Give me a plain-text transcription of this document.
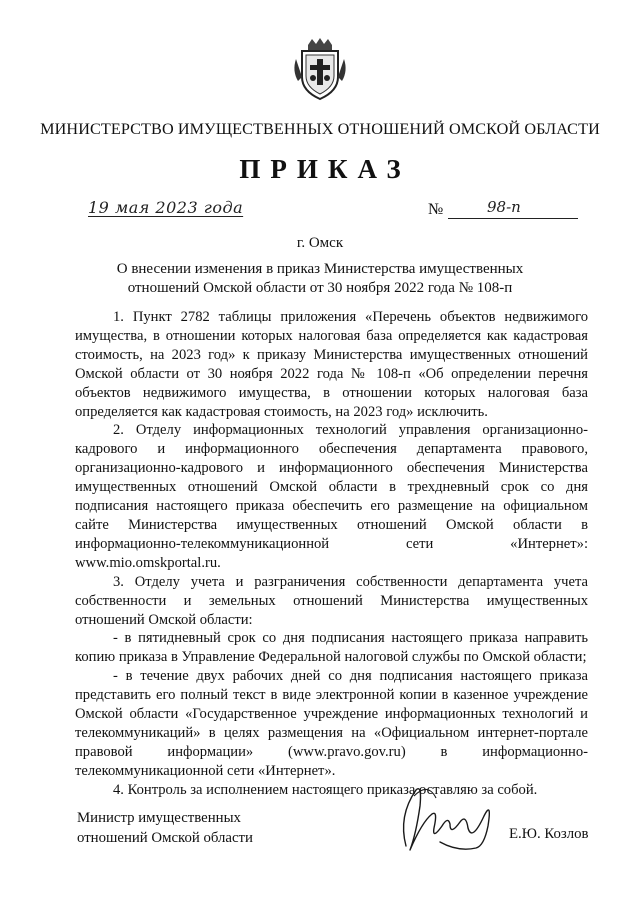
МИНИСТЕРСТВО ИМУЩЕСТВЕННЫХ ОТНОШЕНИЙ ОМСКОЙ ОБЛАСТИ
ПРИКАЗ
19 мая 2023 года	№	98-п
г. Омск
О внесении изменения в приказ Министерства имущественных
отношений Омской области от 30 ноября 2022 года № 108-п

1. Пункт 2782 таблицы приложения «Перечень объектов недвижимого имущества, в отношении которых налоговая база определяется как кадастровая стоимость, на 2023 год» к приказу Министерства имущественных отношений Омской области от 30 ноября 2022 года № 108-п «Об определении перечня объектов недвижимого имущества, в отношении которых налоговая база определяется как кадастровая стоимость, на 2023 год» исключить.

2. Отделу информационных технологий управления организационно-кадрового и информационного обеспечения департамента правового, организационно-кадрового и информационного обеспечения Министерства имущественных отношений Омской области в трехдневный срок со дня подписания настоящего приказа обеспечить его размещение на официальном сайте Министерства имущественных отношений Омской области в информационно-телекоммуникационной сети «Интернет»: www.mio.omskportal.ru.

3. Отделу учета и разграничения собственности департамента учета собственности и земельных отношений Министерства имущественных отношений Омской области:

- в пятидневный срок со дня подписания настоящего приказа направить копию приказа в Управление Федеральной налоговой службы по Омской области;

- в течение двух рабочих дней со дня подписания настоящего приказа представить его полный текст в виде электронной копии в казенное учреждение Омской области «Государственное учреждение информационных технологий и телекоммуникаций» в целях размещения на «Официальном интернет-портале правовой информации» (www.pravo.gov.ru) в информационно-телекоммуникационной сети «Интернет».

4. Контроль за исполнением настоящего приказа оставляю за собой.

Министр имущественных
отношений Омской области	Е.Ю. Козлов
